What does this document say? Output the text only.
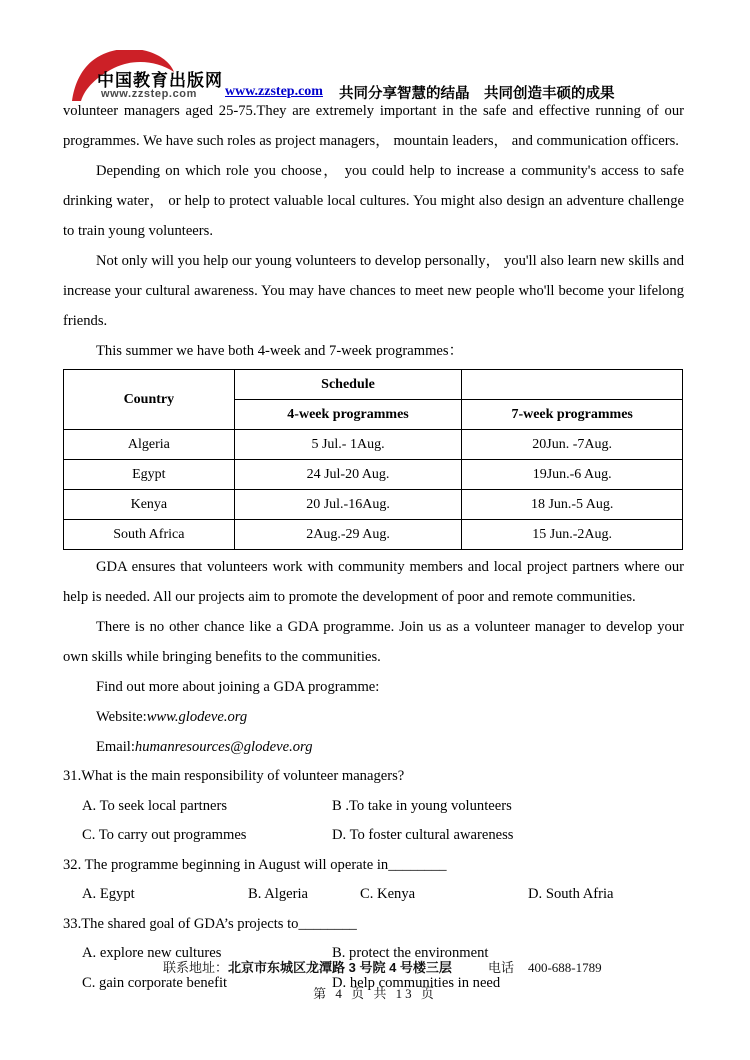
中国教育出版网
www.zzstep.com www.zzstep.com 共同分享智慧的结晶　共同创造丰硕的成果

volunteer managers aged 25-75.They are extremely important in the safe and effective running of our programmes. We have such roles as project managers， mountain leaders， and communication officers.

Depending on which role you choose， you could help to increase a community's access to safe drinking water， or help to protect valuable local cultures. You might also design an adventure challenge to train young volunteers.

Not only will you help our young volunteers to develop personally， you'll also learn new skills and increase your cultural awareness. You may have chances to meet new people who'll become your lifelong friends.

This summer we have both 4-week and 7-week programmes：

Country	Schedule	
	4-week programmes	7-week programmes
Algeria	5 Jul.- 1Aug.	20Jun. -7Aug.
Egypt	24 Jul-20 Aug.	19Jun.-6 Aug.
Kenya	20 Jul.-16Aug.	18 Jun.-5 Aug.
South Africa	2Aug.-29 Aug.	15 Jun.-2Aug.

GDA ensures that volunteers work with community members and local project partners where our help is needed. All our projects aim to promote the development of poor and remote communities.

There is no other chance like a GDA programme. Join us as a volunteer manager to develop your own skills while bringing benefits to the communities.

Find out more about joining a GDA programme:

Website:www.glodeve.org

Email:humanresources@glodeve.org

31.What is the main responsibility of volunteer managers?
A. To seek local partners	B .To take in young volunteers
C. To carry out programmes	D. To foster cultural awareness
32. The programme beginning in August will operate in________
A. Egypt	B. Algeria	C. Kenya	D. South Afria
33.The shared goal of GDA’s projects to________
A. explore new cultures	B. protect the environment
C. gain corporate benefit	D. help communities in need
联系地址：北京市东城区龙潭路 3 号院 4 号楼三层	电话 400-688-1789
第 4 页 共 13 页
